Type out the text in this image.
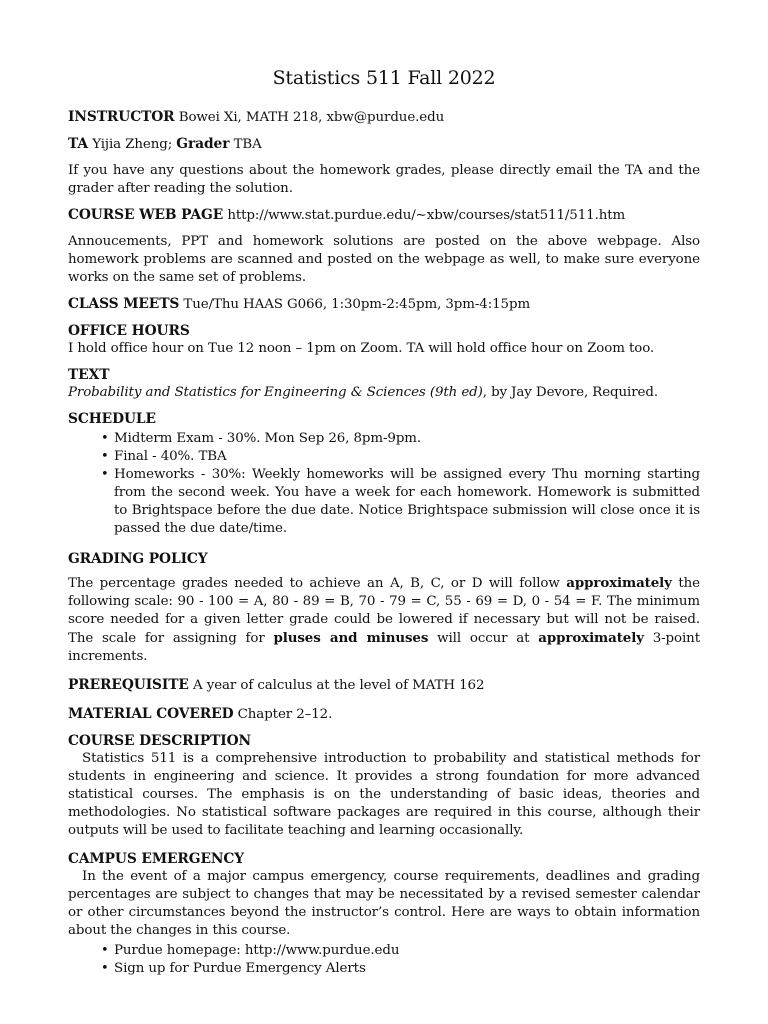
Statistics 511 Fall 2022
INSTRUCTOR Bowei Xi, MATH 218, xbw@purdue.edu
TA Yijia Zheng; Grader TBA
If you have any questions about the homework grades, please directly email the TA and the grader after reading the solution.
COURSE WEB PAGE http://www.stat.purdue.edu/∼xbw/courses/stat511/511.htm
Annoucements, PPT and homework solutions are posted on the above webpage. Also homework problems are scanned and posted on the webpage as well, to make sure everyone works on the same set of problems.
CLASS MEETS Tue/Thu HAAS G066, 1:30pm-2:45pm, 3pm-4:15pm
OFFICE HOURS
I hold office hour on Tue 12 noon – 1pm on Zoom. TA will hold office hour on Zoom too.
TEXT
Probability and Statistics for Engineering & Sciences (9th ed), by Jay Devore, Required.
SCHEDULE
• Midterm Exam - 30%. Mon Sep 26, 8pm-9pm.
• Final - 40%. TBA
• Homeworks - 30%: Weekly homeworks will be assigned every Thu morning starting from the second week. You have a week for each homework. Homework is submitted to Brightspace before the due date. Notice Brightspace submission will close once it is passed the due date/time.
GRADING POLICY
The percentage grades needed to achieve an A, B, C, or D will follow approximately the following scale: 90 - 100 = A, 80 - 89 = B, 70 - 79 = C, 55 - 69 = D, 0 - 54 = F. The minimum score needed for a given letter grade could be lowered if necessary but will not be raised. The scale for assigning for pluses and minuses will occur at approximately 3-point increments.
PREREQUISITE A year of calculus at the level of MATH 162
MATERIAL COVERED Chapter 2–12.
COURSE DESCRIPTION
Statistics 511 is a comprehensive introduction to probability and statistical methods for students in engineering and science. It provides a strong foundation for more advanced statistical courses. The emphasis is on the understanding of basic ideas, theories and methodologies. No statistical software packages are required in this course, although their outputs will be used to facilitate teaching and learning occasionally.
CAMPUS EMERGENCY
In the event of a major campus emergency, course requirements, deadlines and grading percentages are subject to changes that may be necessitated by a revised semester calendar or other circumstances beyond the instructor’s control. Here are ways to obtain information about the changes in this course.
• Purdue homepage: http://www.purdue.edu
• Sign up for Purdue Emergency Alerts
